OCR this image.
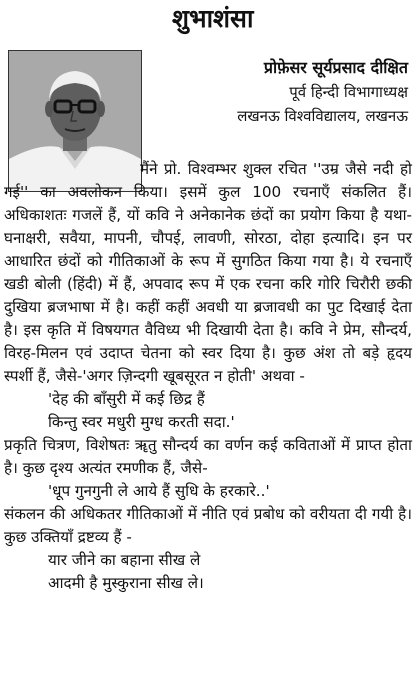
शुभाशंसा
प्रोफ़ेसर सूर्यप्रसाद दीक्षित
पूर्व हिन्दी विभागाध्यक्ष
लखनऊ विश्वविद्यालय, लखनऊ

मैंने प्रो. विश्वम्भर शुक्ल रचित ''उम्र जैसे नदी हो गई'' का अवलोकन किया। इसमें कुल 100 रचनाएँ संकलित हैं। अधिकाशतः गजलें हैं, यों कवि ने अनेकानेक छंदों का प्रयोग किया है यथा-घनाक्षरी, सवैया, मापनी, चौपई, लावणी, सोरठा, दोहा इत्यादि। इन पर आधारित छंदों को गीतिकाओं के रूप में सुगठित किया गया है। ये रचनाएँ खडी बोली (हिंदी) में हैं, अपवाद रूप में एक रचना करि गोरि चिरौरी छकी दुखिया ब्रजभाषा में है। कहीं कहीं अवधी या ब्रजावधी का पुट दिखाई देता है। इस कृति में विषयगत वैविध्य भी दिखायी देता है। कवि ने प्रेम, सौन्दर्य, विरह-मिलन एवं उदाप्त चेतना को स्वर दिया है। कुछ अंश तो बड़े हृदय स्पर्शी हैं, जैसे-'अगर ज़िन्दगी खूबसूरत न होती' अथवा -

'देह की बाँसुरी में कई छिद्र हैं

किन्तु स्वर मधुरी मुग्ध करती सदा.'

प्रकृति चित्रण, विशेषतः ॠतु सौन्दर्य का वर्णन कई कविताओं में प्राप्त होता है। कुछ दृश्य अत्यंत रमणीक हैं, जैसे-

'धूप गुनगुनी ले आये हैं सुधि के हरकारे..'

संकलन की अधिकतर गीतिकाओं में नीति एवं प्रबोध को वरीयता दी गयी है। कुछ उक्तियाँ द्रष्टव्य हैं -

यार जीने का बहाना सीख ले

आदमी है मुस्कुराना सीख ले।
